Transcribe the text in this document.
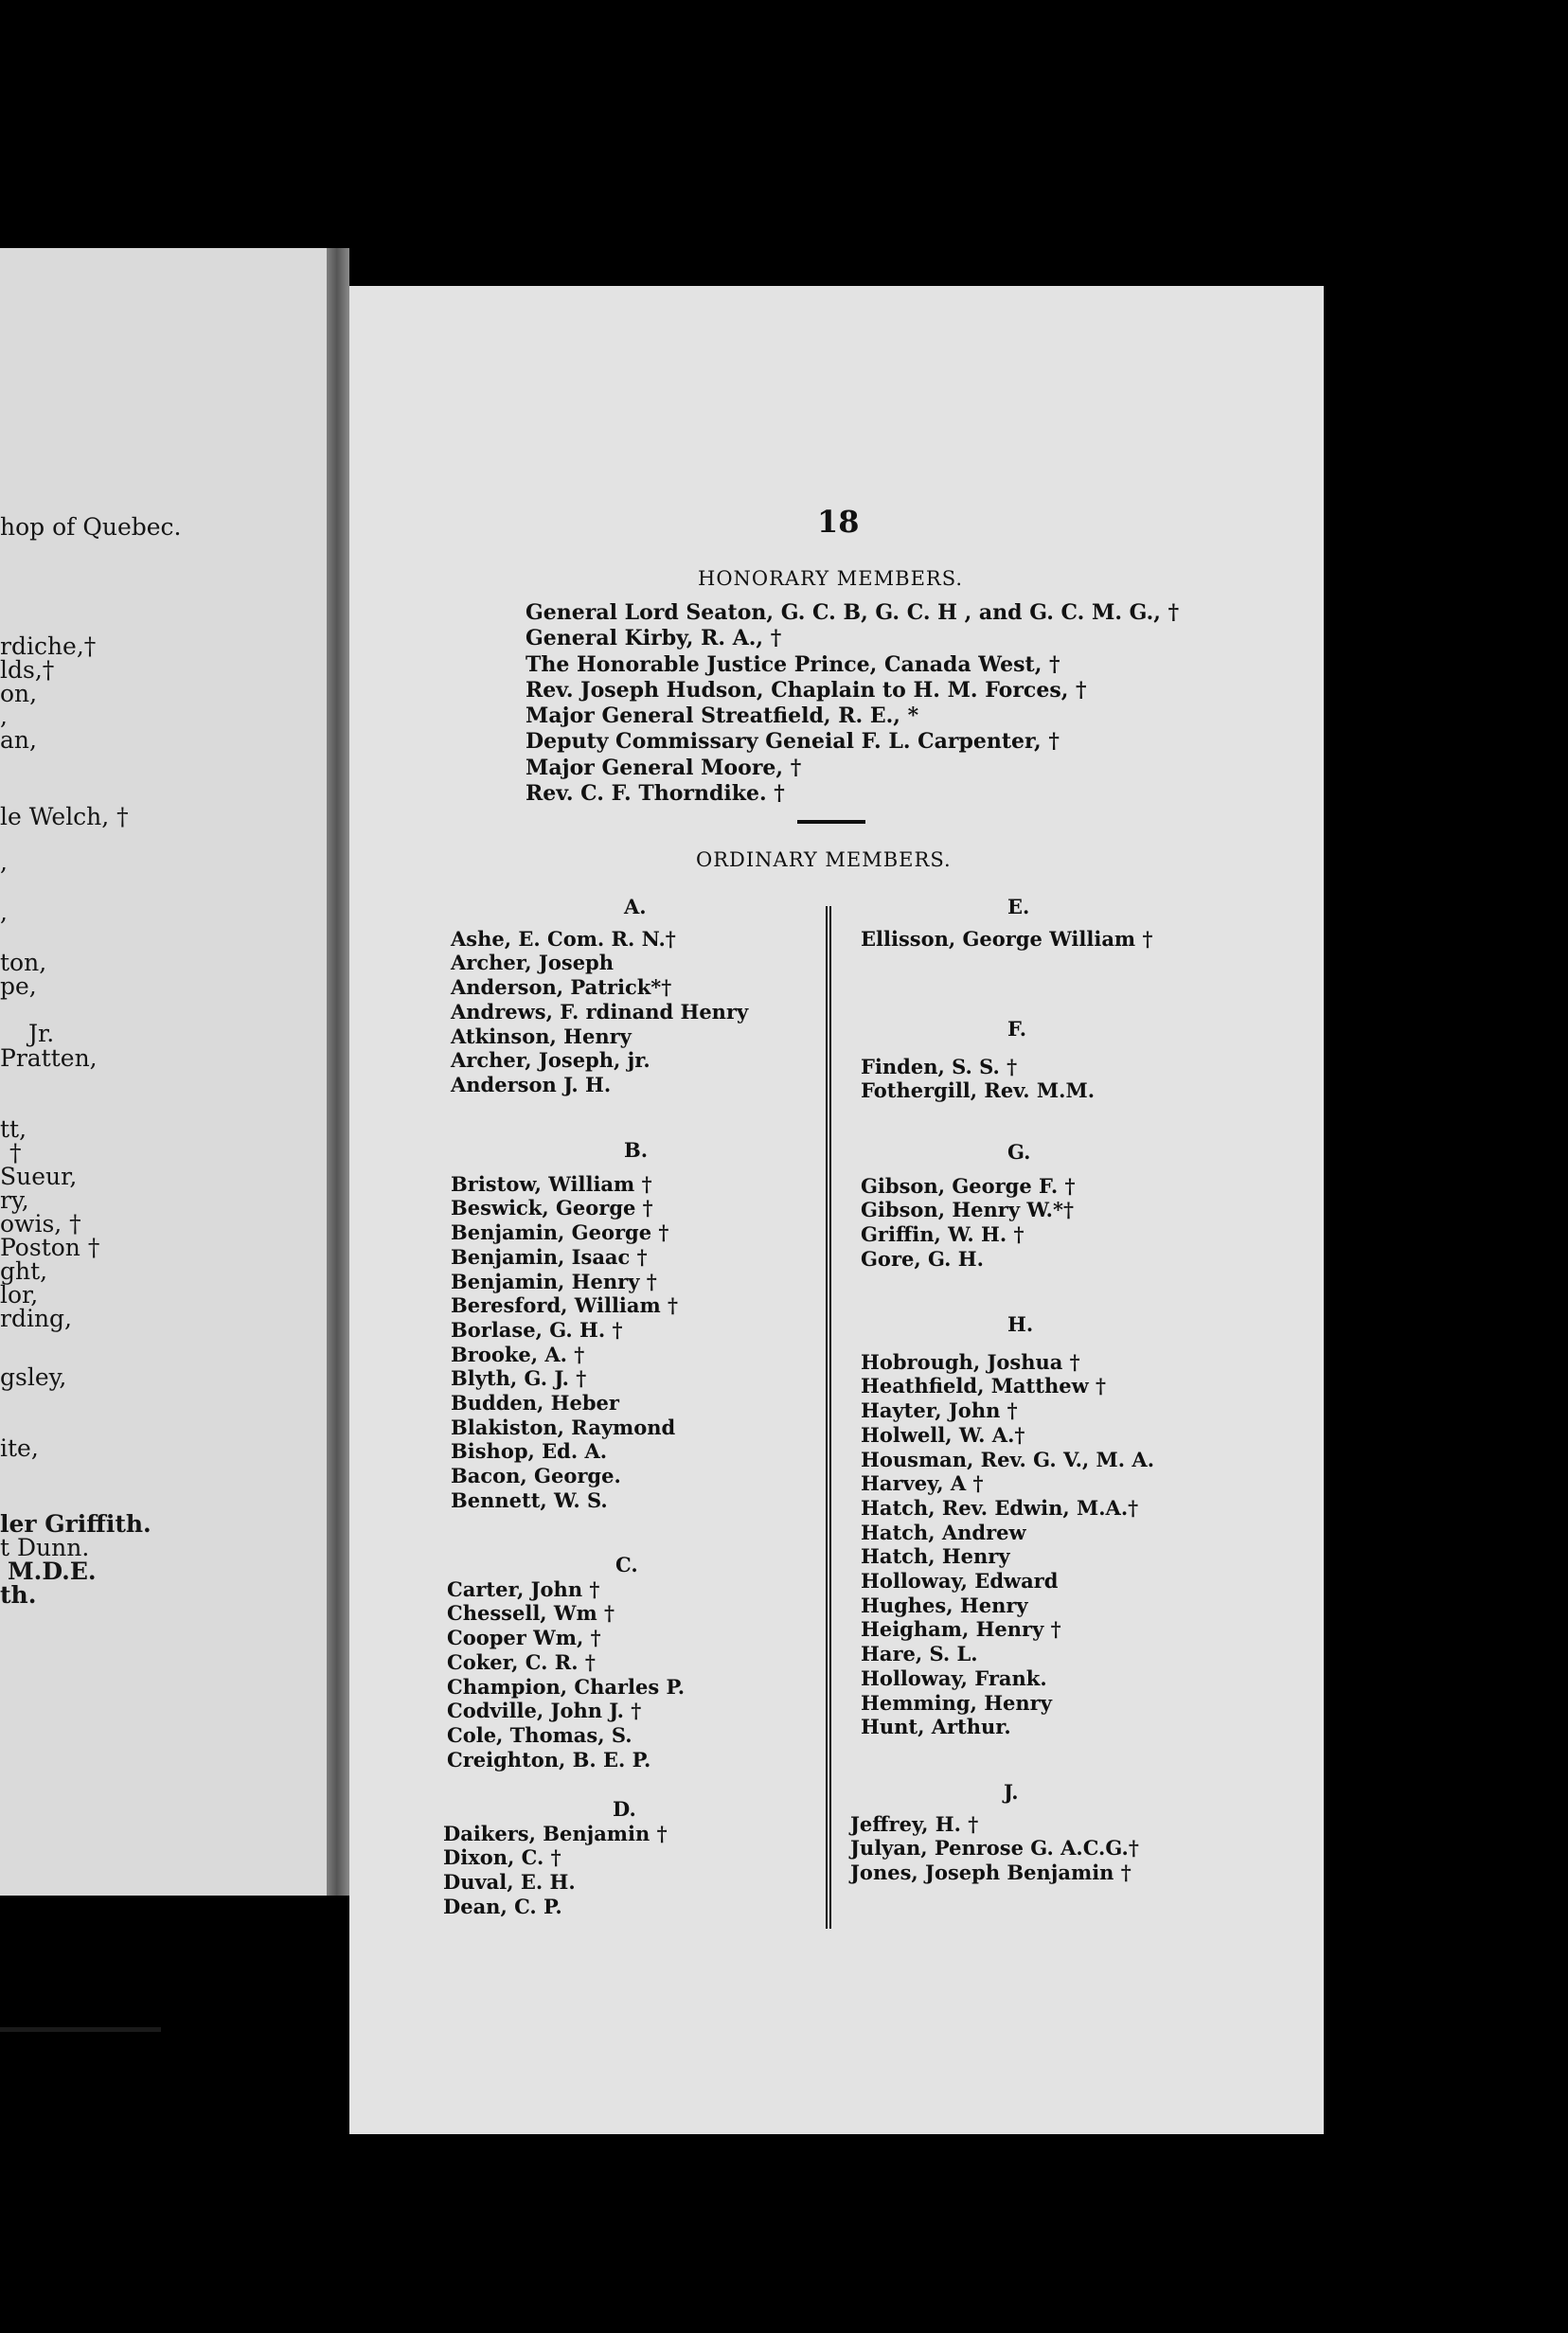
hop of Quebec.
rdiche,†
lds,†
on,
,
an,
le Welch, †
,
,
ton,
pe,
Jr.
Pratten,
tt,
†
Sueur,
ry,
owis, †
Poston †
ght,
lor,
rding,
gsley,
ite,
ler Griffith.
t Dunn.
M.D.E.
th.
18
HONORARY MEMBERS.
General Lord Seaton, G. C. B, G. C. H , and G. C. M. G., †
General Kirby, R. A., †
The Honorable Justice Prince, Canada West, †
Rev. Joseph Hudson, Chaplain to H. M. Forces, †
Major General Streatfield, R. E., *
Deputy Commissary Geneial F. L. Carpenter, †
Major General Moore, †
Rev. C. F. Thorndike. †
ORDINARY MEMBERS.
A.
Ashe, E. Com. R. N.†
Archer, Joseph
Anderson, Patrick*†
Andrews, F. rdinand Henry
Atkinson, Henry
Archer, Joseph, jr.
Anderson J. H.
B.
Bristow, William †
Beswick, George †
Benjamin, George †
Benjamin, Isaac †
Benjamin, Henry †
Beresford, William †
Borlase, G. H. †
Brooke, A. †
Blyth, G. J. †
Budden, Heber
Blakiston, Raymond
Bishop, Ed. A.
Bacon, George.
Bennett, W. S.
C.
Carter, John †
Chessell, Wm †
Cooper Wm, †
Coker, C. R. †
Champion, Charles P.
Codville, John J. †
Cole, Thomas, S.
Creighton, B. E. P.
D.
Daikers, Benjamin †
Dixon, C. †
Duval, E. H.
Dean, C. P.
E.
Ellisson, George William †
F.
Finden, S. S. †
Fothergill, Rev. M.M.
G.
Gibson, George F. †
Gibson, Henry W.*†
Griffin, W. H. †
Gore, G. H.
H.
Hobrough, Joshua †
Heathfield, Matthew †
Hayter, John †
Holwell, W. A.†
Housman, Rev. G. V., M. A.
Harvey, A †
Hatch, Rev. Edwin, M.A.†
Hatch, Andrew
Hatch, Henry
Holloway, Edward
Hughes, Henry
Heigham, Henry †
Hare, S. L.
Holloway, Frank.
Hemming, Henry
Hunt, Arthur.
J.
Jeffrey, H. †
Julyan, Penrose G. A.C.G.†
Jones, Joseph Benjamin †
